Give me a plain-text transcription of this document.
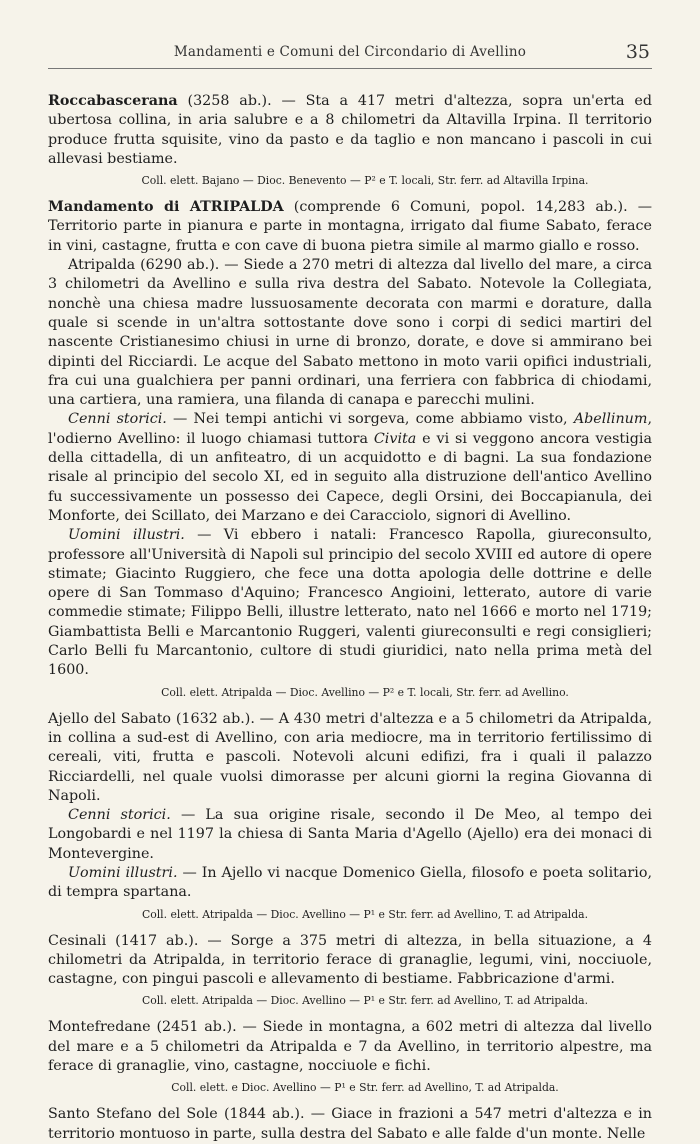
Mandamenti e Comuni del Circondario di Avellino	35

Roccabascerana (3258 ab.). — Sta a 417 metri d'altezza, sopra un'erta ed ubertosa collina, in aria salubre e a 8 chilometri da Altavilla Irpina. Il territorio produce frutta squisite, vino da pasto e da taglio e non mancano i pascoli in cui allevasi bestiame.

Coll. elett. Bajano — Dioc. Benevento — P² e T. locali, Str. ferr. ad Altavilla Irpina.

Mandamento di ATRIPALDA (comprende 6 Comuni, popol. 14,283 ab.). — Territorio parte in pianura e parte in montagna, irrigato dal fiume Sabato, ferace in vini, castagne, frutta e con cave di buona pietra simile al marmo giallo e rosso.

Atripalda (6290 ab.). — Siede a 270 metri di altezza dal livello del mare, a circa 3 chilometri da Avellino e sulla riva destra del Sabato. Notevole la Collegiata, nonchè una chiesa madre lussuosamente decorata con marmi e dorature, dalla quale si scende in un'altra sottostante dove sono i corpi di sedici martiri del nascente Cristianesimo chiusi in urne di bronzo, dorate, e dove si ammirano bei dipinti del Ricciardi. Le acque del Sabato mettono in moto varii opifici industriali, fra cui una gualchiera per panni ordinari, una ferriera con fabbrica di chiodami, una cartiera, una ramiera, una filanda di canapa e parecchi mulini.

Cenni storici. — Nei tempi antichi vi sorgeva, come abbiamo visto, Abellinum, l'odierno Avellino: il luogo chiamasi tuttora Civita e vi si veggono ancora vestigia della cittadella, di un anfiteatro, di un acquidotto e di bagni. La sua fondazione risale al principio del secolo XI, ed in seguito alla distruzione dell'antico Avellino fu successivamente un possesso dei Capece, degli Orsini, dei Boccapianula, dei Monforte, dei Scillato, dei Marzano e dei Caracciolo, signori di Avellino.

Uomini illustri. — Vi ebbero i natali: Francesco Rapolla, giureconsulto, professore all'Università di Napoli sul principio del secolo XVIII ed autore di opere stimate; Giacinto Ruggiero, che fece una dotta apologia delle dottrine e delle opere di San Tommaso d'Aquino; Francesco Angioini, letterato, autore di varie commedie stimate; Filippo Belli, illustre letterato, nato nel 1666 e morto nel 1719; Giambattista Belli e Marcantonio Ruggeri, valenti giureconsulti e regi consiglieri; Carlo Belli fu Marcantonio, cultore di studi giuridici, nato nella prima metà del 1600.

Coll. elett. Atripalda — Dioc. Avellino — P² e T. locali, Str. ferr. ad Avellino.

Ajello del Sabato (1632 ab.). — A 430 metri d'altezza e a 5 chilometri da Atripalda, in collina a sud-est di Avellino, con aria mediocre, ma in territorio fertilissimo di cereali, viti, frutta e pascoli. Notevoli alcuni edifizi, fra i quali il palazzo Ricciardelli, nel quale vuolsi dimorasse per alcuni giorni la regina Giovanna di Napoli.

Cenni storici. — La sua origine risale, secondo il De Meo, al tempo dei Longobardi e nel 1197 la chiesa di Santa Maria d'Agello (Ajello) era dei monaci di Montevergine.

Uomini illustri. — In Ajello vi nacque Domenico Giella, filosofo e poeta solitario, di tempra spartana.

Coll. elett. Atripalda — Dioc. Avellino — P¹ e Str. ferr. ad Avellino, T. ad Atripalda.

Cesinali (1417 ab.). — Sorge a 375 metri di altezza, in bella situazione, a 4 chilometri da Atripalda, in territorio ferace di granaglie, legumi, vini, nocciuole, castagne, con pingui pascoli e allevamento di bestiame. Fabbricazione d'armi.

Coll. elett. Atripalda — Dioc. Avellino — P¹ e Str. ferr. ad Avellino, T. ad Atripalda.

Montefredane (2451 ab.). — Siede in montagna, a 602 metri di altezza dal livello del mare e a 5 chilometri da Atripalda e 7 da Avellino, in territorio alpestre, ma ferace di granaglie, vino, castagne, nocciuole e fichi.

Coll. elett. e Dioc. Avellino — P¹ e Str. ferr. ad Avellino, T. ad Atripalda.

Santo Stefano del Sole (1844 ab.). — Giace in frazioni a 547 metri d'altezza e in territorio montuoso in parte, sulla destra del Sabato e alle falde d'un monte. Nelle
